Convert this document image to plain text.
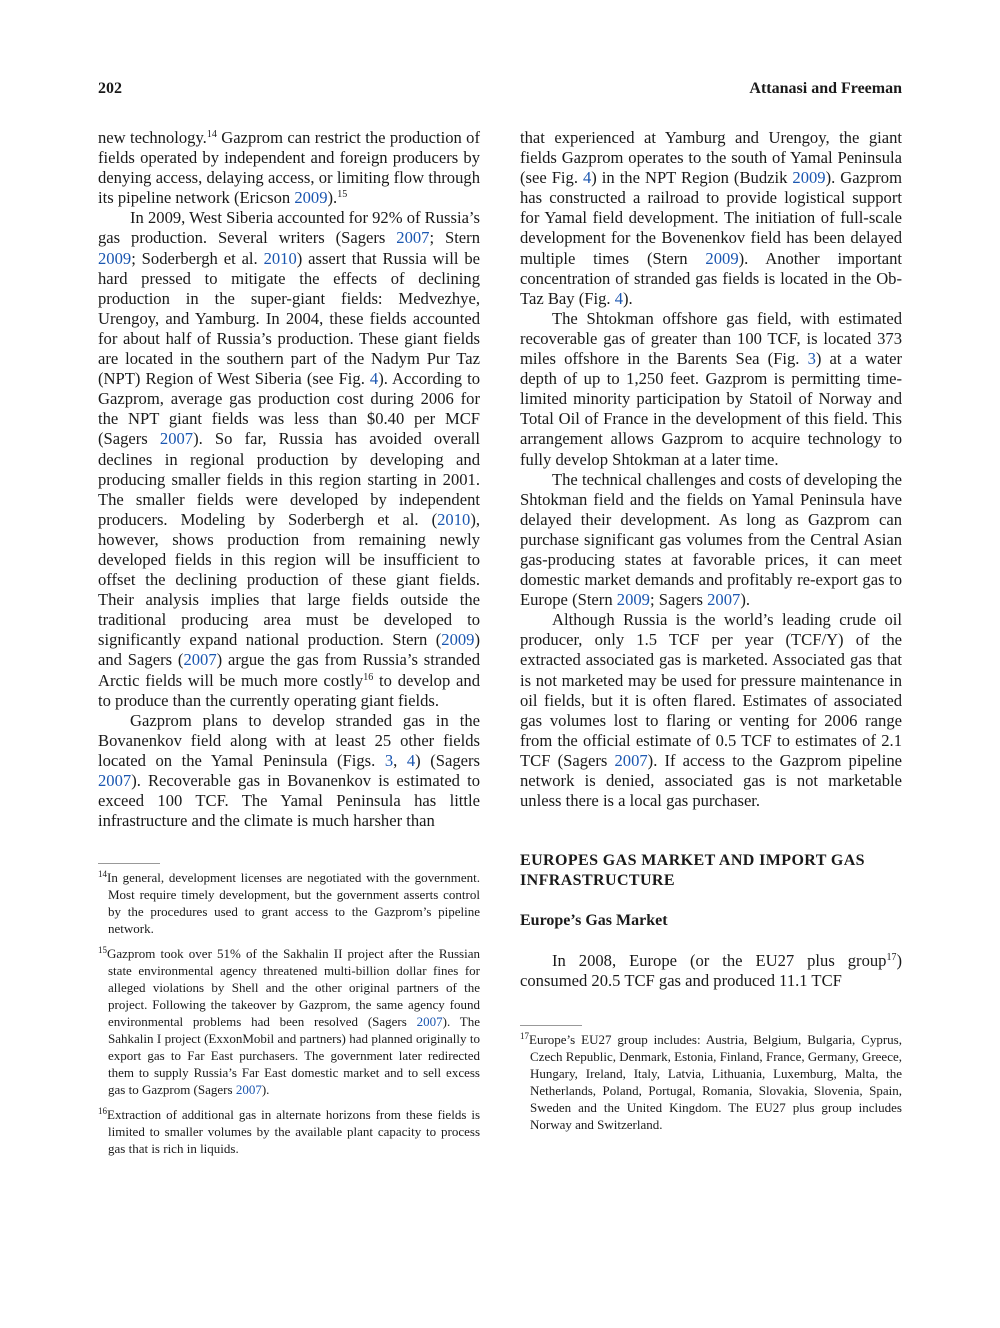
202	Attanasi and Freeman

new technology.$^{14}$ Gazprom can restrict the production of fields operated by independent and foreign producers by denying access, delaying access, or limiting flow through its pipeline network (Ericson 2009).$^{15}$

In 2009, West Siberia accounted for 92% of Russia’s gas production. Several writers (Sagers 2007; Stern 2009; Soderbergh et al. 2010) assert that Russia will be hard pressed to mitigate the effects of declining production in the super-giant fields: Medvezhye, Urengoy, and Yamburg. In 2004, these fields accounted for about half of Russia’s production. These giant fields are located in the southern part of the Nadym Pur Taz (NPT) Region of West Siberia (see Fig. 4). According to Gazprom, average gas production cost during 2006 for the NPT giant fields was less than $0.40 per MCF (Sagers 2007). So far, Russia has avoided overall declines in regional production by developing and producing smaller fields in this region starting in 2001. The smaller fields were developed by independent producers. Modeling by Soderbergh et al. (2010), however, shows production from remaining newly developed fields in this region will be insufficient to offset the declining production of these giant fields. Their analysis implies that large fields outside the traditional producing area must be developed to significantly expand national production. Stern (2009) and Sagers (2007) argue the gas from Russia’s stranded Arctic fields will be much more costly$^{16}$ to develop and to produce than the currently operating giant fields.

Gazprom plans to develop stranded gas in the Bovanenkov field along with at least 25 other fields located on the Yamal Peninsula (Figs. 3, 4) (Sagers 2007). Recoverable gas in Bovanenkov is estimated to exceed 100 TCF. The Yamal Peninsula has little infrastructure and the climate is much harsher than

$^{14}$In general, development licenses are negotiated with the government. Most require timely development, but the government asserts control by the procedures used to grant access to the Gazprom’s pipeline network.

$^{15}$Gazprom took over 51% of the Sakhalin II project after the Russian state environmental agency threatened multi-billion dollar fines for alleged violations by Shell and the other original partners of the project. Following the takeover by Gazprom, the same agency found environmental problems had been resolved (Sagers 2007). The Sahkalin I project (ExxonMobil and partners) had planned originally to export gas to Far East purchasers. The government later redirected them to supply Russia’s Far East domestic market and to sell excess gas to Gazprom (Sagers 2007).

$^{16}$Extraction of additional gas in alternate horizons from these fields is limited to smaller volumes by the available plant capacity to process gas that is rich in liquids.

that experienced at Yamburg and Urengoy, the giant fields Gazprom operates to the south of Yamal Peninsula (see Fig. 4) in the NPT Region (Budzik 2009). Gazprom has constructed a railroad to provide logistical support for Yamal field development. The initiation of full-scale development for the Bovenenkov field has been delayed multiple times (Stern 2009). Another important concentration of stranded gas fields is located in the Ob-Taz Bay (Fig. 4).

The Shtokman offshore gas field, with estimated recoverable gas of greater than 100 TCF, is located 373 miles offshore in the Barents Sea (Fig. 3) at a water depth of up to 1,250 feet. Gazprom is permitting time-limited minority participation by Statoil of Norway and Total Oil of France in the development of this field. This arrangement allows Gazprom to acquire technology to fully develop Shtokman at a later time.

The technical challenges and costs of developing the Shtokman field and the fields on Yamal Peninsula have delayed their development. As long as Gazprom can purchase significant gas volumes from the Central Asian gas-producing states at favorable prices, it can meet domestic market demands and profitably re-export gas to Europe (Stern 2009; Sagers 2007).

Although Russia is the world’s leading crude oil producer, only 1.5 TCF per year (TCF/Y) of the extracted associated gas is marketed. Associated gas that is not marketed may be used for pressure maintenance in oil fields, but it is often flared. Estimates of associated gas volumes lost to flaring or venting for 2006 range from the official estimate of 0.5 TCF to estimates of 2.1 TCF (Sagers 2007). If access to the Gazprom pipeline network is denied, associated gas is not marketable unless there is a local gas purchaser.

EUROPES GAS MARKET AND IMPORT GAS INFRASTRUCTURE
Europe’s Gas Market

In 2008, Europe (or the EU27 plus group$^{17}$) consumed 20.5 TCF gas and produced 11.1 TCF

$^{17}$Europe’s EU27 group includes: Austria, Belgium, Bulgaria, Cyprus, Czech Republic, Denmark, Estonia, Finland, France, Germany, Greece, Hungary, Ireland, Italy, Latvia, Lithuania, Luxemburg, Malta, the Netherlands, Poland, Portugal, Romania, Slovakia, Slovenia, Spain, Sweden and the United Kingdom. The EU27 plus group includes Norway and Switzerland.
